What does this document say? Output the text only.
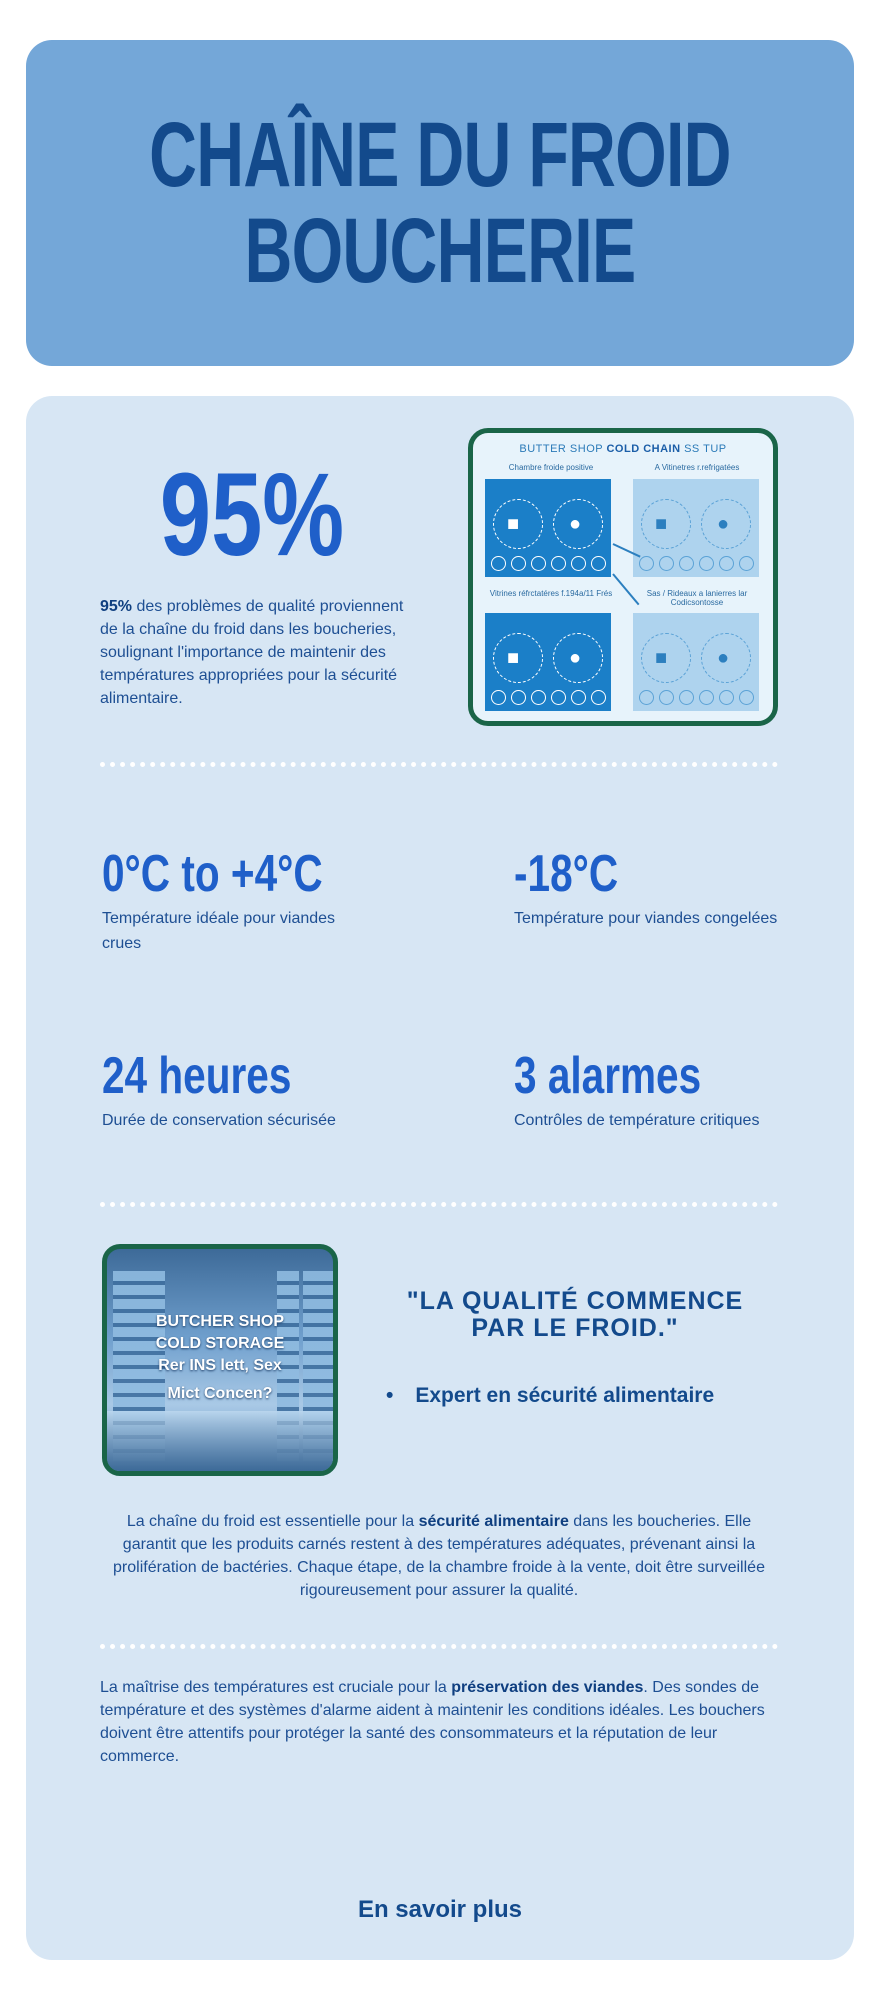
CHAÎNE DU FROID
BOUCHERIE
95%
95% des problèmes de qualité proviennent de la chaîne du froid dans les boucheries, soulignant l'importance de maintenir des températures appropriées pour la sécurité alimentaire.
BUTTER SHOP COLD CHAIN SS TUP
Chambre froide positive	A Vitinetres r.refrigatées
■ ●	■ ●
Vitrines réfrctatéres f.194a/11 Frés	Sas / Rideaux a lanierres lar Codicsontosse
■ ●	■ ●
0°C to +4°C
Température idéale pour viandes crues
-18°C
Température pour viandes congelées
24 heures
Durée de conservation sécurisée
3 alarmes
Contrôles de température critiques
BUTCHER SHOP
COLD STORAGE
Rer INS lett, Sex
Mict Concen?
"LA QUALITÉ COMMENCE PAR LE FROID."
• Expert en sécurité alimentaire
La chaîne du froid est essentielle pour la sécurité alimentaire dans les boucheries. Elle garantit que les produits carnés restent à des températures adéquates, prévenant ainsi la prolifération de bactéries. Chaque étape, de la chambre froide à la vente, doit être surveillée rigoureusement pour assurer la qualité.
La maîtrise des températures est cruciale pour la préservation des viandes. Des sondes de température et des systèmes d'alarme aident à maintenir les conditions idéales. Les bouchers doivent être attentifs pour protéger la santé des consommateurs et la réputation de leur commerce.
En savoir plus
